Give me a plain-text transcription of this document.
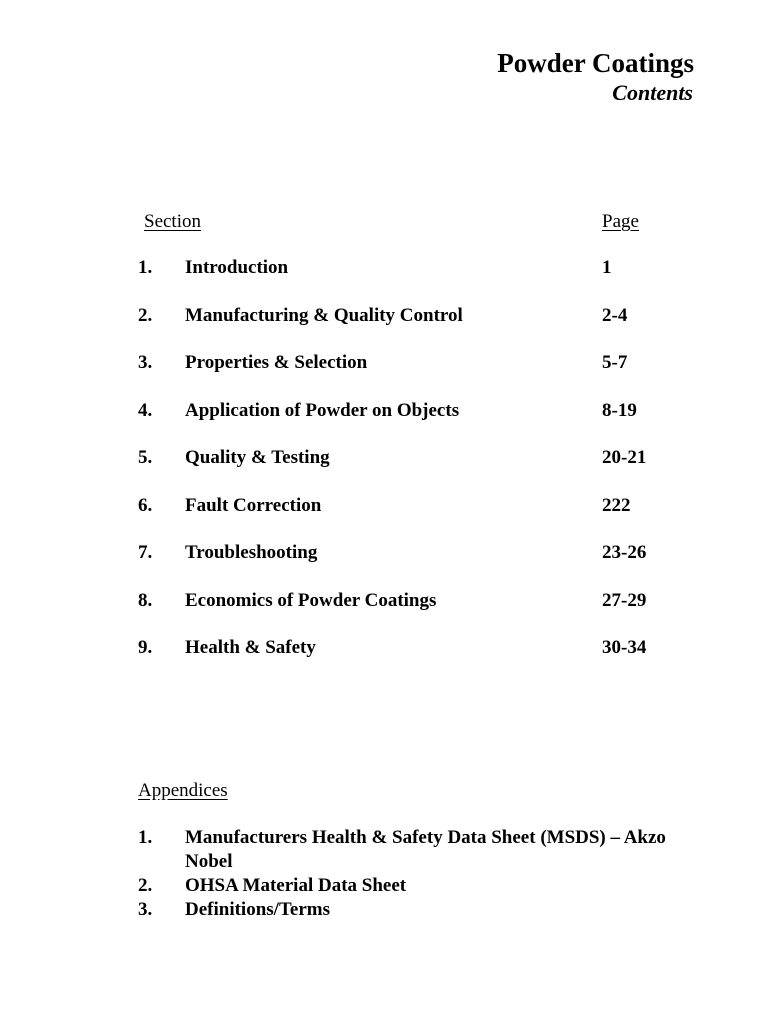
Powder Coatings
Contents
Section	Page
1. Introduction	1
2. Manufacturing & Quality Control	2-4
3. Properties & Selection	5-7
4. Application of Powder on Objects	8-19
5. Quality & Testing	20-21
6. Fault Correction	222
7. Troubleshooting	23-26
8. Economics of Powder Coatings	27-29
9. Health & Safety	30-34
Appendices
1. Manufacturers Health & Safety Data Sheet (MSDS) – Akzo Nobel
2. OHSA Material Data Sheet
3. Definitions/Terms
